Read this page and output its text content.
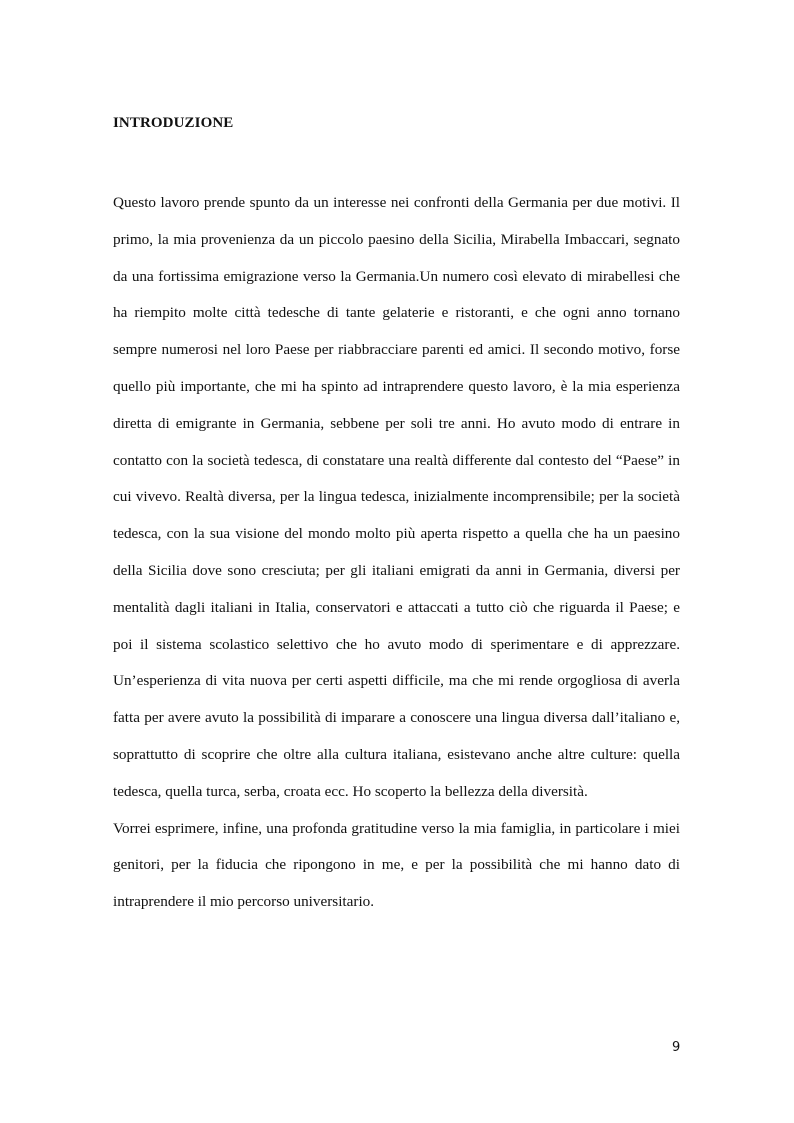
INTRODUZIONE

Questo lavoro prende spunto da un interesse nei confronti della Germania per due motivi. Il primo, la mia provenienza da un piccolo paesino della Sicilia, Mirabella Imbaccari, segnato da una fortissima emigrazione verso la Germania.Un numero così elevato di mirabellesi che ha riempito molte città tedesche di tante gelaterie e ristoranti, e che ogni anno tornano sempre numerosi nel loro Paese per riabbracciare parenti ed amici. Il secondo motivo, forse quello più importante, che mi ha spinto ad intraprendere questo lavoro, è la mia esperienza diretta di emigrante in Germania, sebbene per soli tre anni. Ho avuto modo di entrare in contatto con la società tedesca, di constatare una realtà differente dal contesto del “Paese” in cui vivevo. Realtà diversa, per la lingua tedesca, inizialmente incomprensibile; per la società tedesca, con la sua visione del mondo molto più aperta rispetto a quella che ha un paesino della Sicilia dove sono cresciuta; per gli italiani emigrati da anni in Germania, diversi per mentalità dagli italiani in Italia, conservatori e attaccati a tutto ciò che riguarda il Paese; e poi il sistema scolastico selettivo che ho avuto modo di sperimentare e di apprezzare. Un’esperienza di vita nuova per certi aspetti difficile, ma che mi rende orgogliosa di averla fatta per avere avuto la possibilità di imparare a conoscere una lingua diversa dall’italiano e, soprattutto di scoprire che oltre alla cultura italiana, esistevano anche altre culture: quella tedesca, quella turca, serba, croata ecc. Ho scoperto la bellezza della diversità.

Vorrei esprimere, infine, una profonda gratitudine verso la mia famiglia, in particolare i miei genitori, per la fiducia che ripongono in me, e per la possibilità che mi hanno dato di intraprendere il mio percorso universitario.

9
